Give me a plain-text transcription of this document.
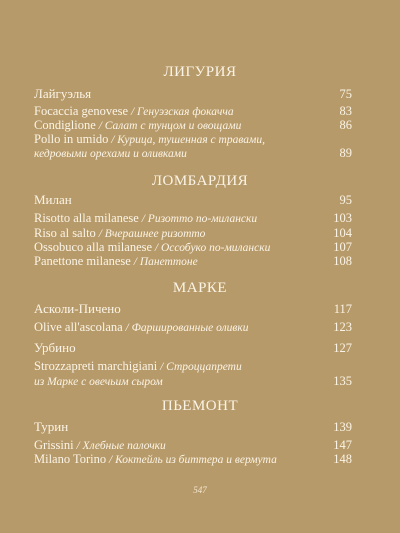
ЛИГУРИЯ
Лайгуэлья	75
Focaccia genovese / Генуэзская фокачча	83
Condiglione / Салат с тунцом и овощами	86
Pollo in umido / Курица, тушенная с травами,
кедровыми орехами и оливками	89
ЛОМБАРДИЯ
Милан	95
Risotto alla milanese / Ризотто по-милански	103
Riso al salto / Вчерашнее ризотто	104
Ossobuco alla milanese / Оссобуко по-милански	107
Panettone milanese / Панеттоне	108
МАРКЕ
Асколи-Пичено	117
Olive all'ascolana / Фаршированные оливки	123
Урбино	127
Strozzapreti marchigiani / Строццапрети
из Марке с овечьим сыром	135
ПЬЕМОНТ
Турин	139
Grissini / Хлебные палочки	147
Milano Torino / Коктейль из биттера и вермута	148
547
